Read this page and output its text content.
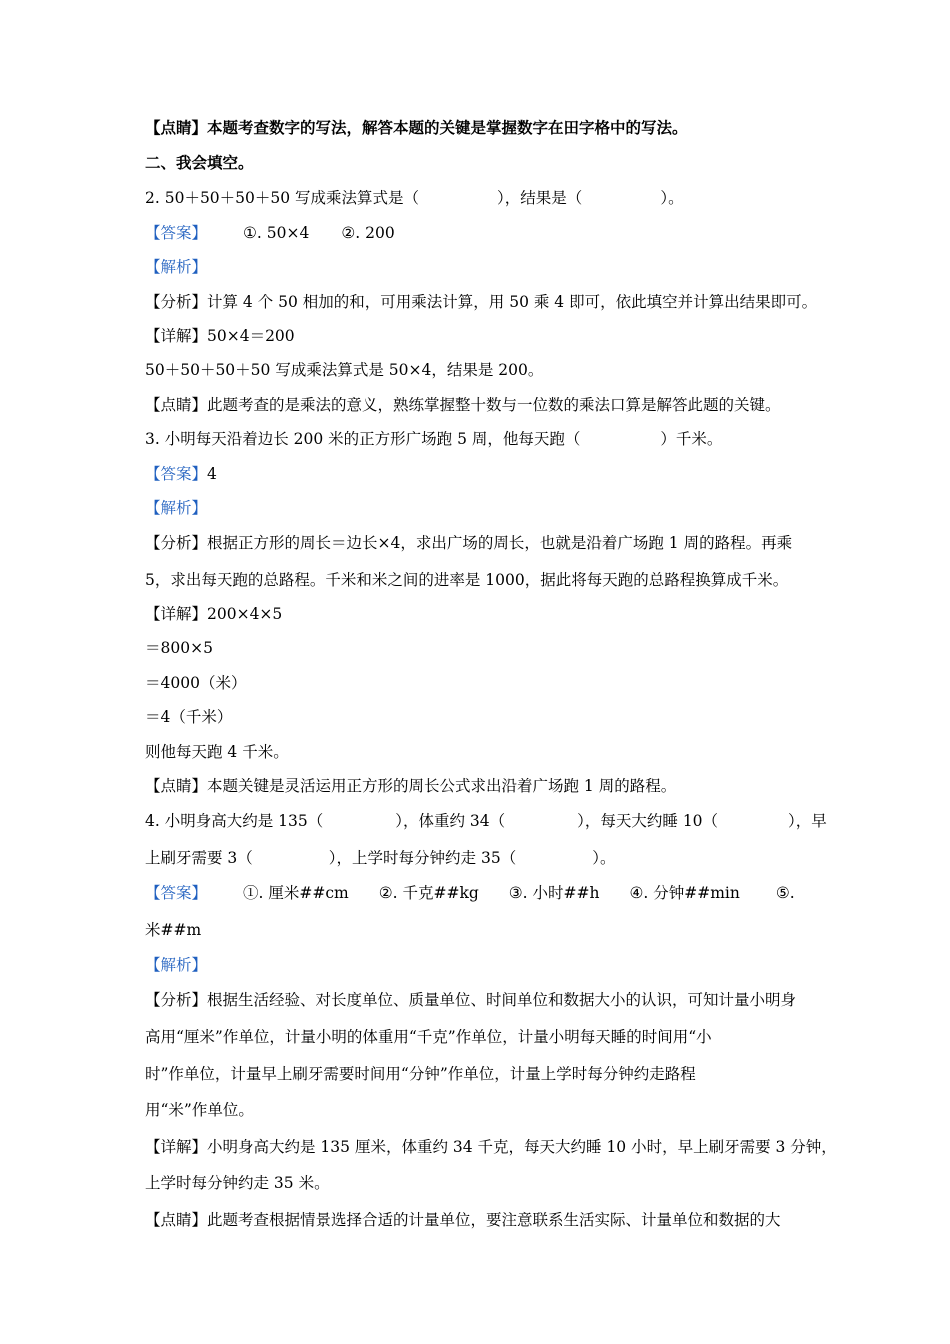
【点睛】本题考查数字的写法，解答本题的关键是掌握数字在田字格中的写法。
二、我会填空。
2. 50＋50＋50＋50 写成乘法算式是（	），结果是（	）。
【答案】 ①. 50×4 ②. 200
【解析】
【分析】计算 4 个 50 相加的和，可用乘法计算，用 50 乘 4 即可，依此填空并计算出结果即可。
【详解】50×4＝200
50＋50＋50＋50 写成乘法算式是 50×4，结果是 200。
【点睛】此题考查的是乘法的意义，熟练掌握整十数与一位数的乘法口算是解答此题的关键。
3. 小明每天沿着边长 200 米的正方形广场跑 5 周，他每天跑（	）千米。
【答案】4
【解析】
【分析】根据正方形的周长＝边长×4，求出广场的周长，也就是沿着广场跑 1 周的路程。再乘
5，求出每天跑的总路程。千米和米之间的进率是 1000，据此将每天跑的总路程换算成千米。
【详解】200×4×5
＝800×5
＝4000（米）
＝4（千米）
则他每天跑 4 千米。
【点睛】本题关键是灵活运用正方形的周长公式求出沿着广场跑 1 周的路程。
4. 小明身高大约是 135（	），体重约 34（	），每天大约睡 10（	），早
上刷牙需要 3（	），上学时每分钟约走 35（	）。
【答案】 ①. 厘米##cm ②. 千克##kg ③. 小时##h ④. 分钟##min ⑤.
米##m
【解析】
【分析】根据生活经验、对长度单位、质量单位、时间单位和数据大小的认识，可知计量小明身
高用“厘米”作单位，计量小明的体重用“千克”作单位，计量小明每天睡的时间用“小
时”作单位，计量早上刷牙需要时间用“分钟”作单位，计量上学时每分钟约走路程
用“米”作单位。
【详解】小明身高大约是 135 厘米，体重约 34 千克，每天大约睡 10 小时，早上刷牙需要 3 分钟，
上学时每分钟约走 35 米。
【点睛】此题考查根据情景选择合适的计量单位，要注意联系生活实际、计量单位和数据的大
